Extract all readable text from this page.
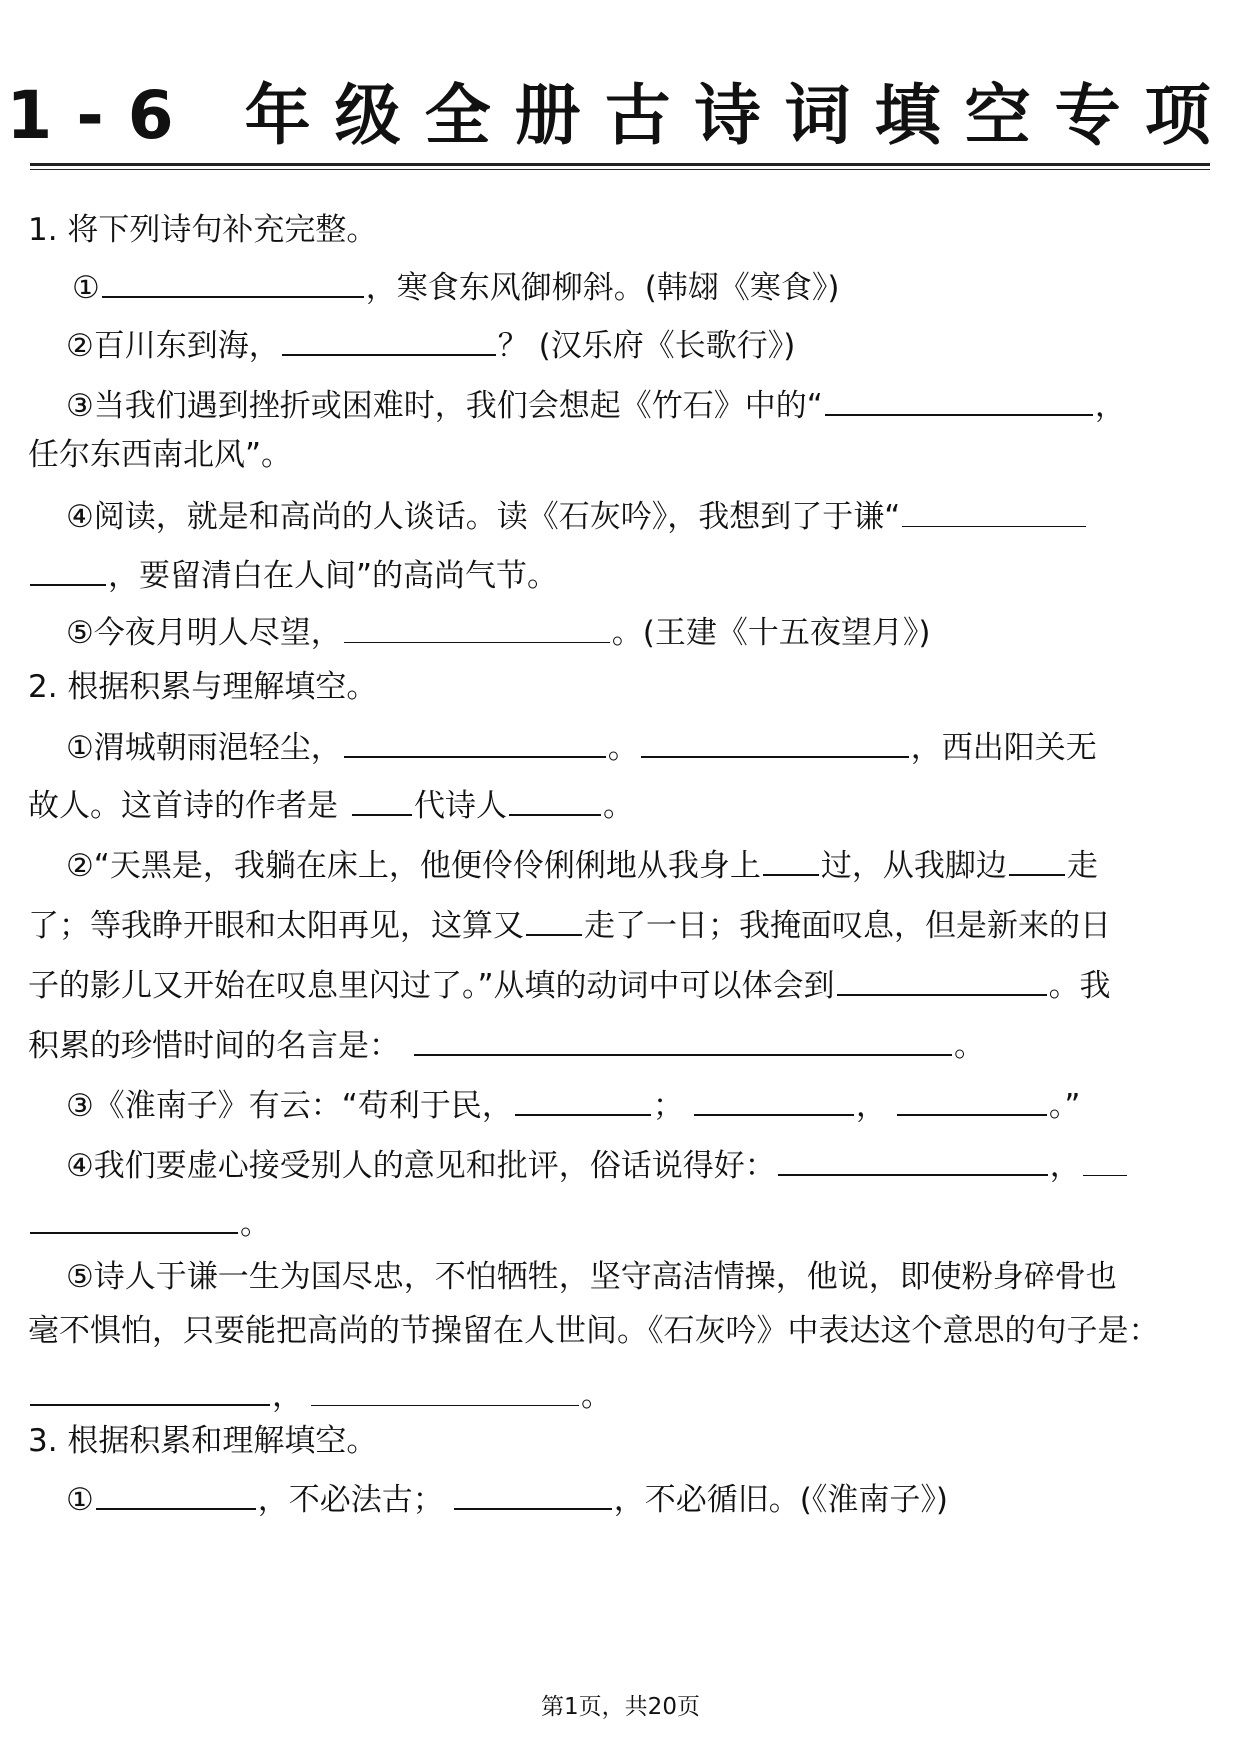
1-6 年级全册古诗词填空专项
1. 将下列诗句补充完整。
①	，寒食东风御柳斜。(韩翃《寒食》)
②百川东到海，	？ (汉乐府《长歌行》)
③当我们遇到挫折或困难时，我们会想起《竹石》中的“	，
任尔东西南北风”。
④阅读，就是和高尚的人谈话。读《石灰吟》，我想到了于谦“
，要留清白在人间”的高尚气节。
⑤今夜月明人尽望，	。(王建《十五夜望月》)
2. 根据积累与理解填空。
①渭城朝雨浥轻尘，	。	，西出阳关无
故人。这首诗的作者是 代诗人	。
②“天黑是，我躺在床上，他便伶伶俐俐地从我身上 过，从我脚边 走
了；等我睁开眼和太阳再见，这算又 走了一日；我掩面叹息，但是新来的日
子的影儿又开始在叹息里闪过了。”从填的动词中可以体会到	。我
积累的珍惜时间的名言是：	。
③《淮南子》有云：“苟利于民，	；	，	。”
④我们要虚心接受别人的意见和批评，俗话说得好：	，
。
⑤诗人于谦一生为国尽忠，不怕牺牲，坚守高洁情操，他说，即使粉身碎骨也
毫不惧怕，只要能把高尚的节操留在人世间。《石灰吟》中表达这个意思的句子是：
，	。
3. 根据积累和理解填空。
①	，不必法古；	，不必循旧。(《淮南子》)
第1页，共20页
